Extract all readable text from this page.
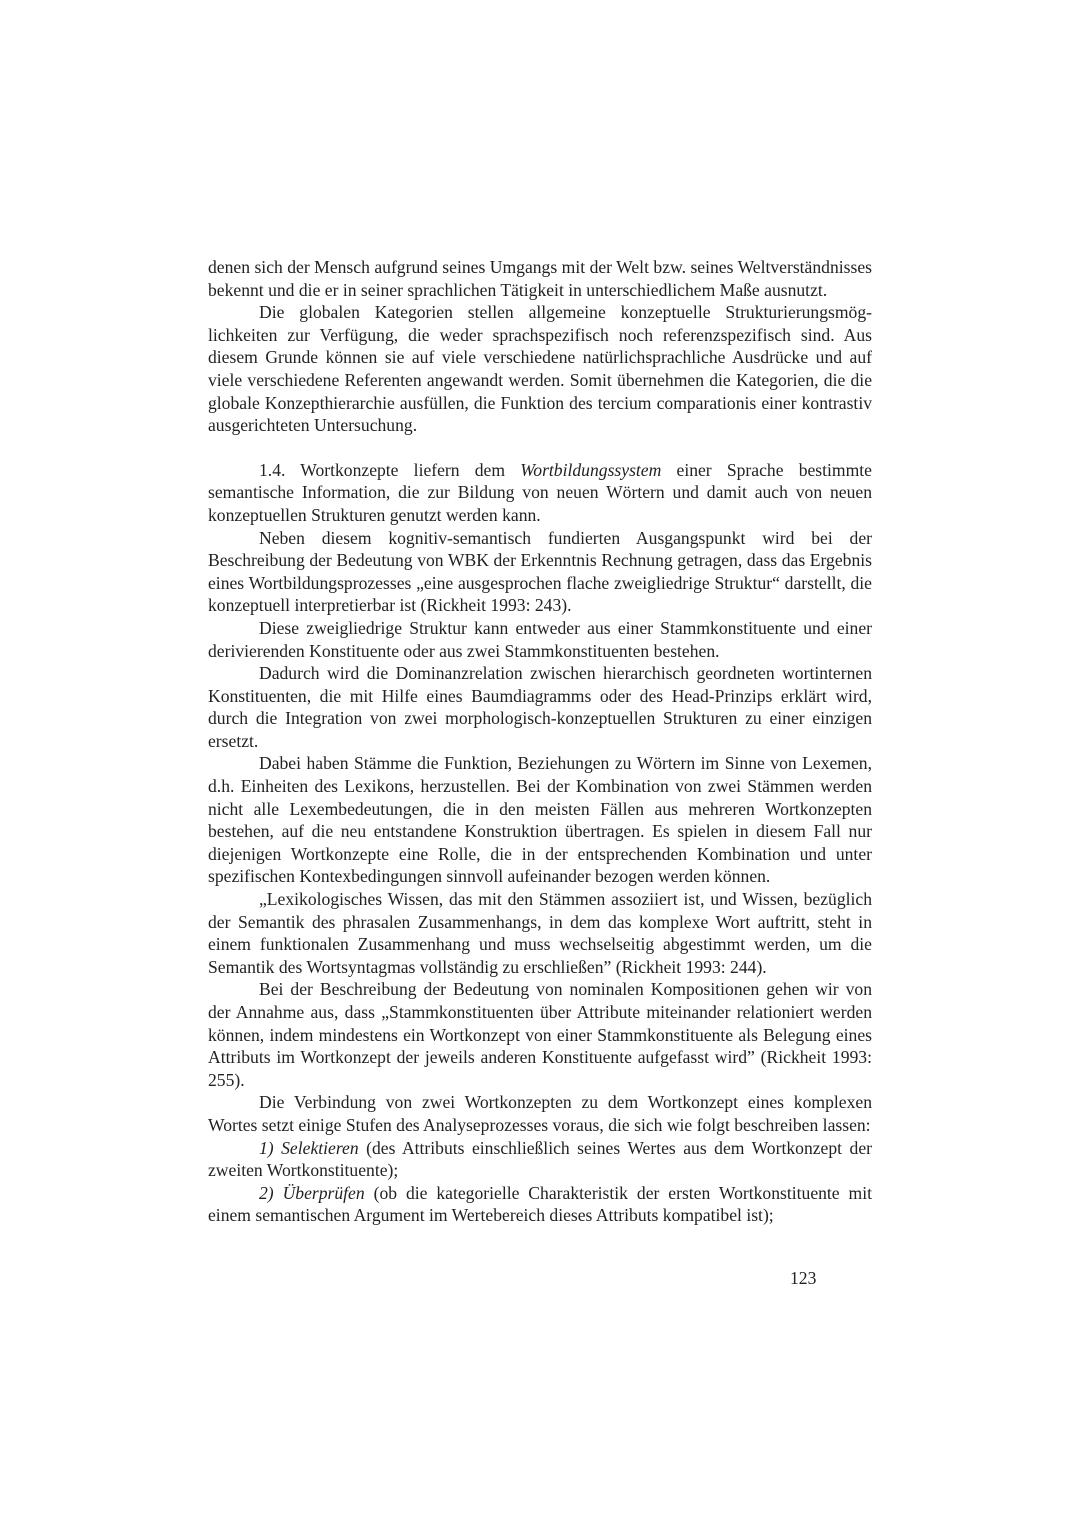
denen sich der Mensch aufgrund seines Umgangs mit der Welt bzw. seines Weltverständnisses bekennt und die er in seiner sprachlichen Tätigkeit in unterschiedlichem Maße ausnutzt.

Die globalen Kategorien stellen allgemeine konzeptuelle Strukturierungsmöglichkeiten zur Verfügung, die weder sprachspezifisch noch referenzspezifisch sind. Aus diesem Grunde können sie auf viele verschiedene natürlichsprachliche Ausdrücke und auf viele verschiedene Referenten angewandt werden. Somit übernehmen die Kategorien, die die globale Konzepthierarchie ausfüllen, die Funktion des tercium comparationis einer kontrastiv ausgerichteten Untersuchung.

1.4. Wortkonzepte liefern dem Wortbildungssystem einer Sprache bestimmte semantische Information, die zur Bildung von neuen Wörtern und damit auch von neuen konzeptuellen Strukturen genutzt werden kann.

Neben diesem kognitiv-semantisch fundierten Ausgangspunkt wird bei der Beschreibung der Bedeutung von WBK der Erkenntnis Rechnung getragen, dass das Ergebnis eines Wortbildungsprozesses „eine ausgesprochen flache zweigliedrige Struktur“ darstellt, die konzeptuell interpretierbar ist (Rickheit 1993: 243).

Diese zweigliedrige Struktur kann entweder aus einer Stammkonstituente und einer derivierenden Konstituente oder aus zwei Stammkonstituenten bestehen.

Dadurch wird die Dominanzrelation zwischen hierarchisch geordneten wortinternen Konstituenten, die mit Hilfe eines Baumdiagramms oder des Head-Prinzips erklärt wird, durch die Integration von zwei morphologisch-konzeptuellen Strukturen zu einer einzigen ersetzt.

Dabei haben Stämme die Funktion, Beziehungen zu Wörtern im Sinne von Lexemen, d.h. Einheiten des Lexikons, herzustellen. Bei der Kombination von zwei Stämmen werden nicht alle Lexembedeutungen, die in den meisten Fällen aus mehreren Wortkonzepten bestehen, auf die neu entstandene Konstruktion übertragen. Es spielen in diesem Fall nur diejenigen Wortkonzepte eine Rolle, die in der entsprechenden Kombination und unter spezifischen Kontexbedingungen sinnvoll aufeinander bezogen werden können.

„Lexikologisches Wissen, das mit den Stämmen assoziiert ist, und Wissen, bezüglich der Semantik des phrasalen Zusammenhangs, in dem das komplexe Wort auftritt, steht in einem funktionalen Zusammenhang und muss wechselseitig abgestimmt werden, um die Semantik des Wortsyntagmas vollständig zu erschließen” (Rickheit 1993: 244).

Bei der Beschreibung der Bedeutung von nominalen Kompositionen gehen wir von der Annahme aus, dass „Stammkonstituenten über Attribute miteinander relationiert werden können, indem mindestens ein Wortkonzept von einer Stammkonstituente als Belegung eines Attributs im Wortkonzept der jeweils anderen Konstituente aufgefasst wird” (Rickheit 1993: 255).

Die Verbindung von zwei Wortkonzepten zu dem Wortkonzept eines komplexen Wortes setzt einige Stufen des Analyseprozesses voraus, die sich wie folgt beschreiben lassen:

1) Selektieren (des Attributs einschließlich seines Wertes aus dem Wortkonzept der zweiten Wortkonstituente);

2) Überprüfen (ob die kategorielle Charakteristik der ersten Wortkonstituente mit einem semantischen Argument im Wertebereich dieses Attributs kompatibel ist);

123
